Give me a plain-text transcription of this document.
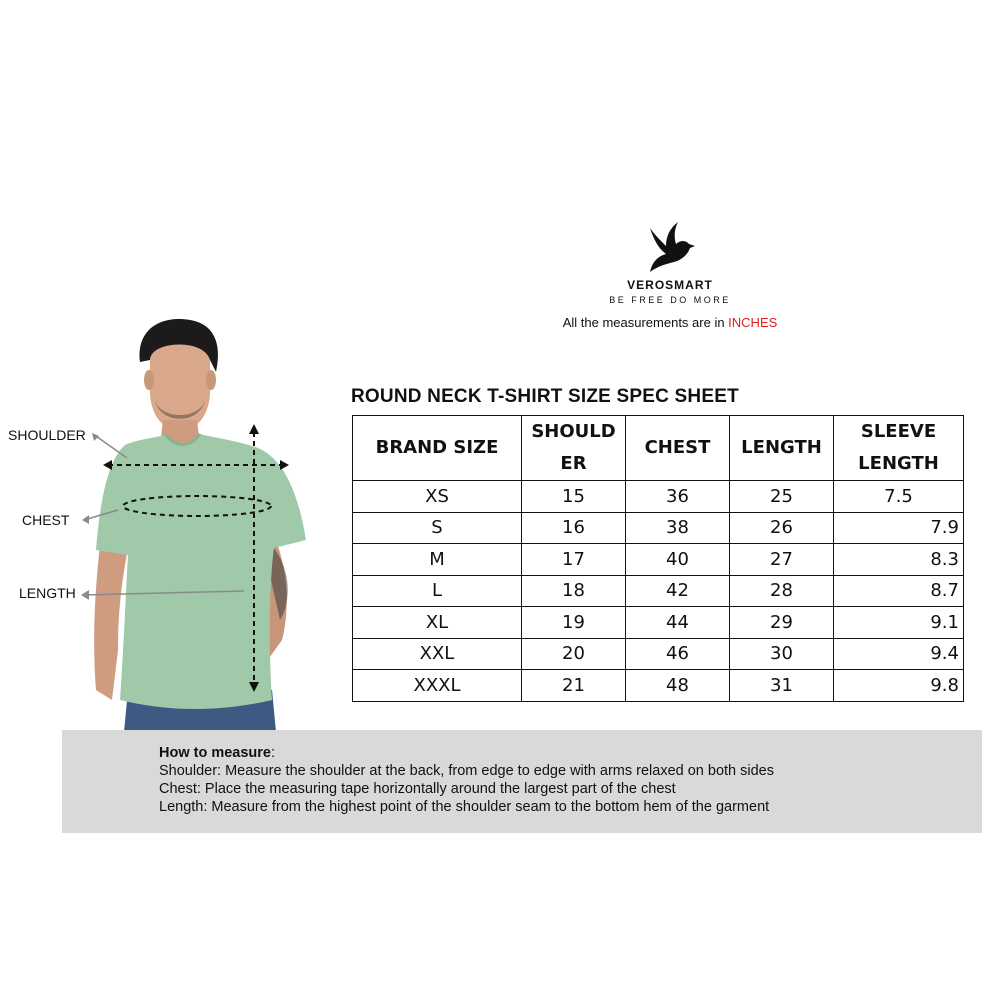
VEROSMART
BE FREE DO MORE
All the measurements are in INCHES
SHOULDER
CHEST
LENGTH
ROUND NECK T-SHIRT SIZE SPEC SHEET
BRAND SIZE	SHOULDER	CHEST	LENGTH	SLEEVE LENGTH
XS	15	36	25	7.5
S	16	38	26	7.9
M	17	40	27	8.3
L	18	42	28	8.7
XL	19	44	29	9.1
XXL	20	46	30	9.4
XXXL	21	48	31	9.8
How to measure:
Shoulder: Measure the shoulder at the back, from edge to edge with arms relaxed on both sides
Chest: Place the measuring tape horizontally around the largest part of the chest
Length: Measure from the highest point of the shoulder seam to the bottom hem of the garment
